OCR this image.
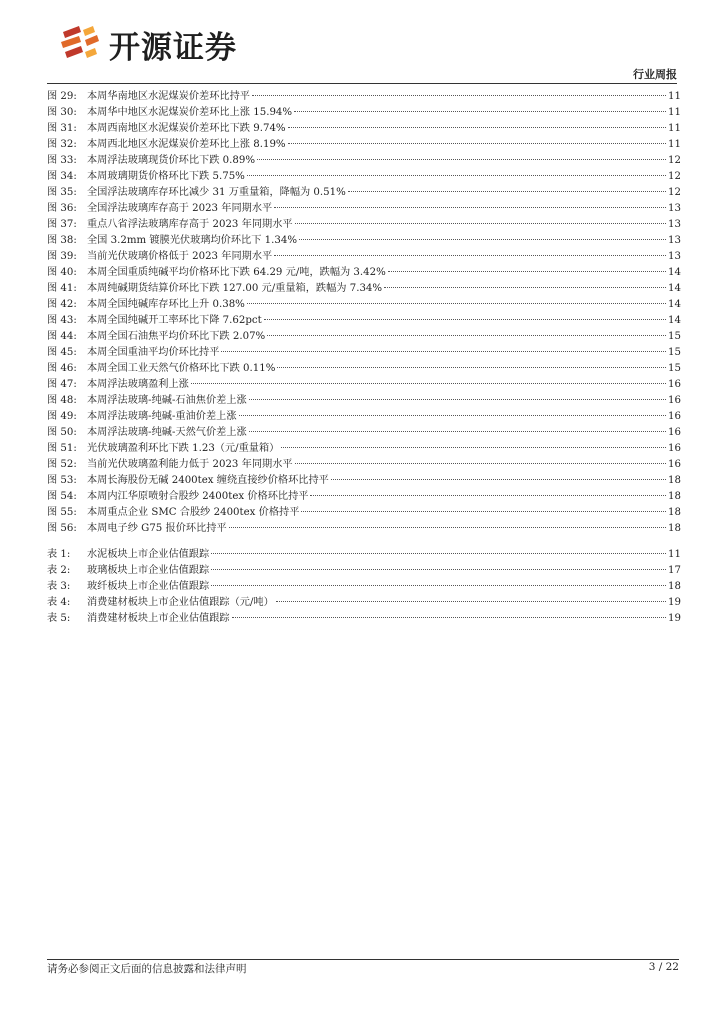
开源证券
行业周报
图 29: 本周华南地区水泥煤炭价差环比持平	11
图 30: 本周华中地区水泥煤炭价差环比上涨 15.94%	11
图 31: 本周西南地区水泥煤炭价差环比下跌 9.74%	11
图 32: 本周西北地区水泥煤炭价差环比上涨 8.19%	11
图 33: 本周浮法玻璃现货价环比下跌 0.89%	12
图 34: 本周玻璃期货价格环比下跌 5.75%	12
图 35: 全国浮法玻璃库存环比减少 31 万重量箱，降幅为 0.51%	12
图 36: 全国浮法玻璃库存高于 2023 年同期水平	13
图 37: 重点八省浮法玻璃库存高于 2023 年同期水平	13
图 38: 全国 3.2mm 镀膜光伏玻璃均价环比下 1.34%	13
图 39: 当前光伏玻璃价格低于 2023 年同期水平	13
图 40: 本周全国重质纯碱平均价格环比下跌 64.29 元/吨，跌幅为 3.42%	14
图 41: 本周纯碱期货结算价环比下跌 127.00 元/重量箱，跌幅为 7.34%	14
图 42: 本周全国纯碱库存环比上升 0.38%	14
图 43: 本周全国纯碱开工率环比下降 7.62pct	14
图 44: 本周全国石油焦平均价环比下跌 2.07%	15
图 45: 本周全国重油平均价环比持平	15
图 46: 本周全国工业天然气价格环比下跌 0.11%	15
图 47: 本周浮法玻璃盈利上涨	16
图 48: 本周浮法玻璃-纯碱-石油焦价差上涨	16
图 49: 本周浮法玻璃-纯碱-重油价差上涨	16
图 50: 本周浮法玻璃-纯碱-天然气价差上涨	16
图 51: 光伏玻璃盈利环比下跌 1.23（元/重量箱）	16
图 52: 当前光伏玻璃盈利能力低于 2023 年同期水平	16
图 53: 本周长海股份无碱 2400tex 缠绕直接纱价格环比持平	18
图 54: 本周内江华原喷射合股纱 2400tex 价格环比持平	18
图 55: 本周重点企业 SMC 合股纱 2400tex 价格持平	18
图 56: 本周电子纱 G75 报价环比持平	18
表 1:	水泥板块上市企业估值跟踪	11
表 2:	玻璃板块上市企业估值跟踪	17
表 3:	玻纤板块上市企业估值跟踪	18
表 4:	消费建材板块上市企业估值跟踪（元/吨）	19
表 5:	消费建材板块上市企业估值跟踪	19
请务必参阅正文后面的信息披露和法律声明	3 / 22
